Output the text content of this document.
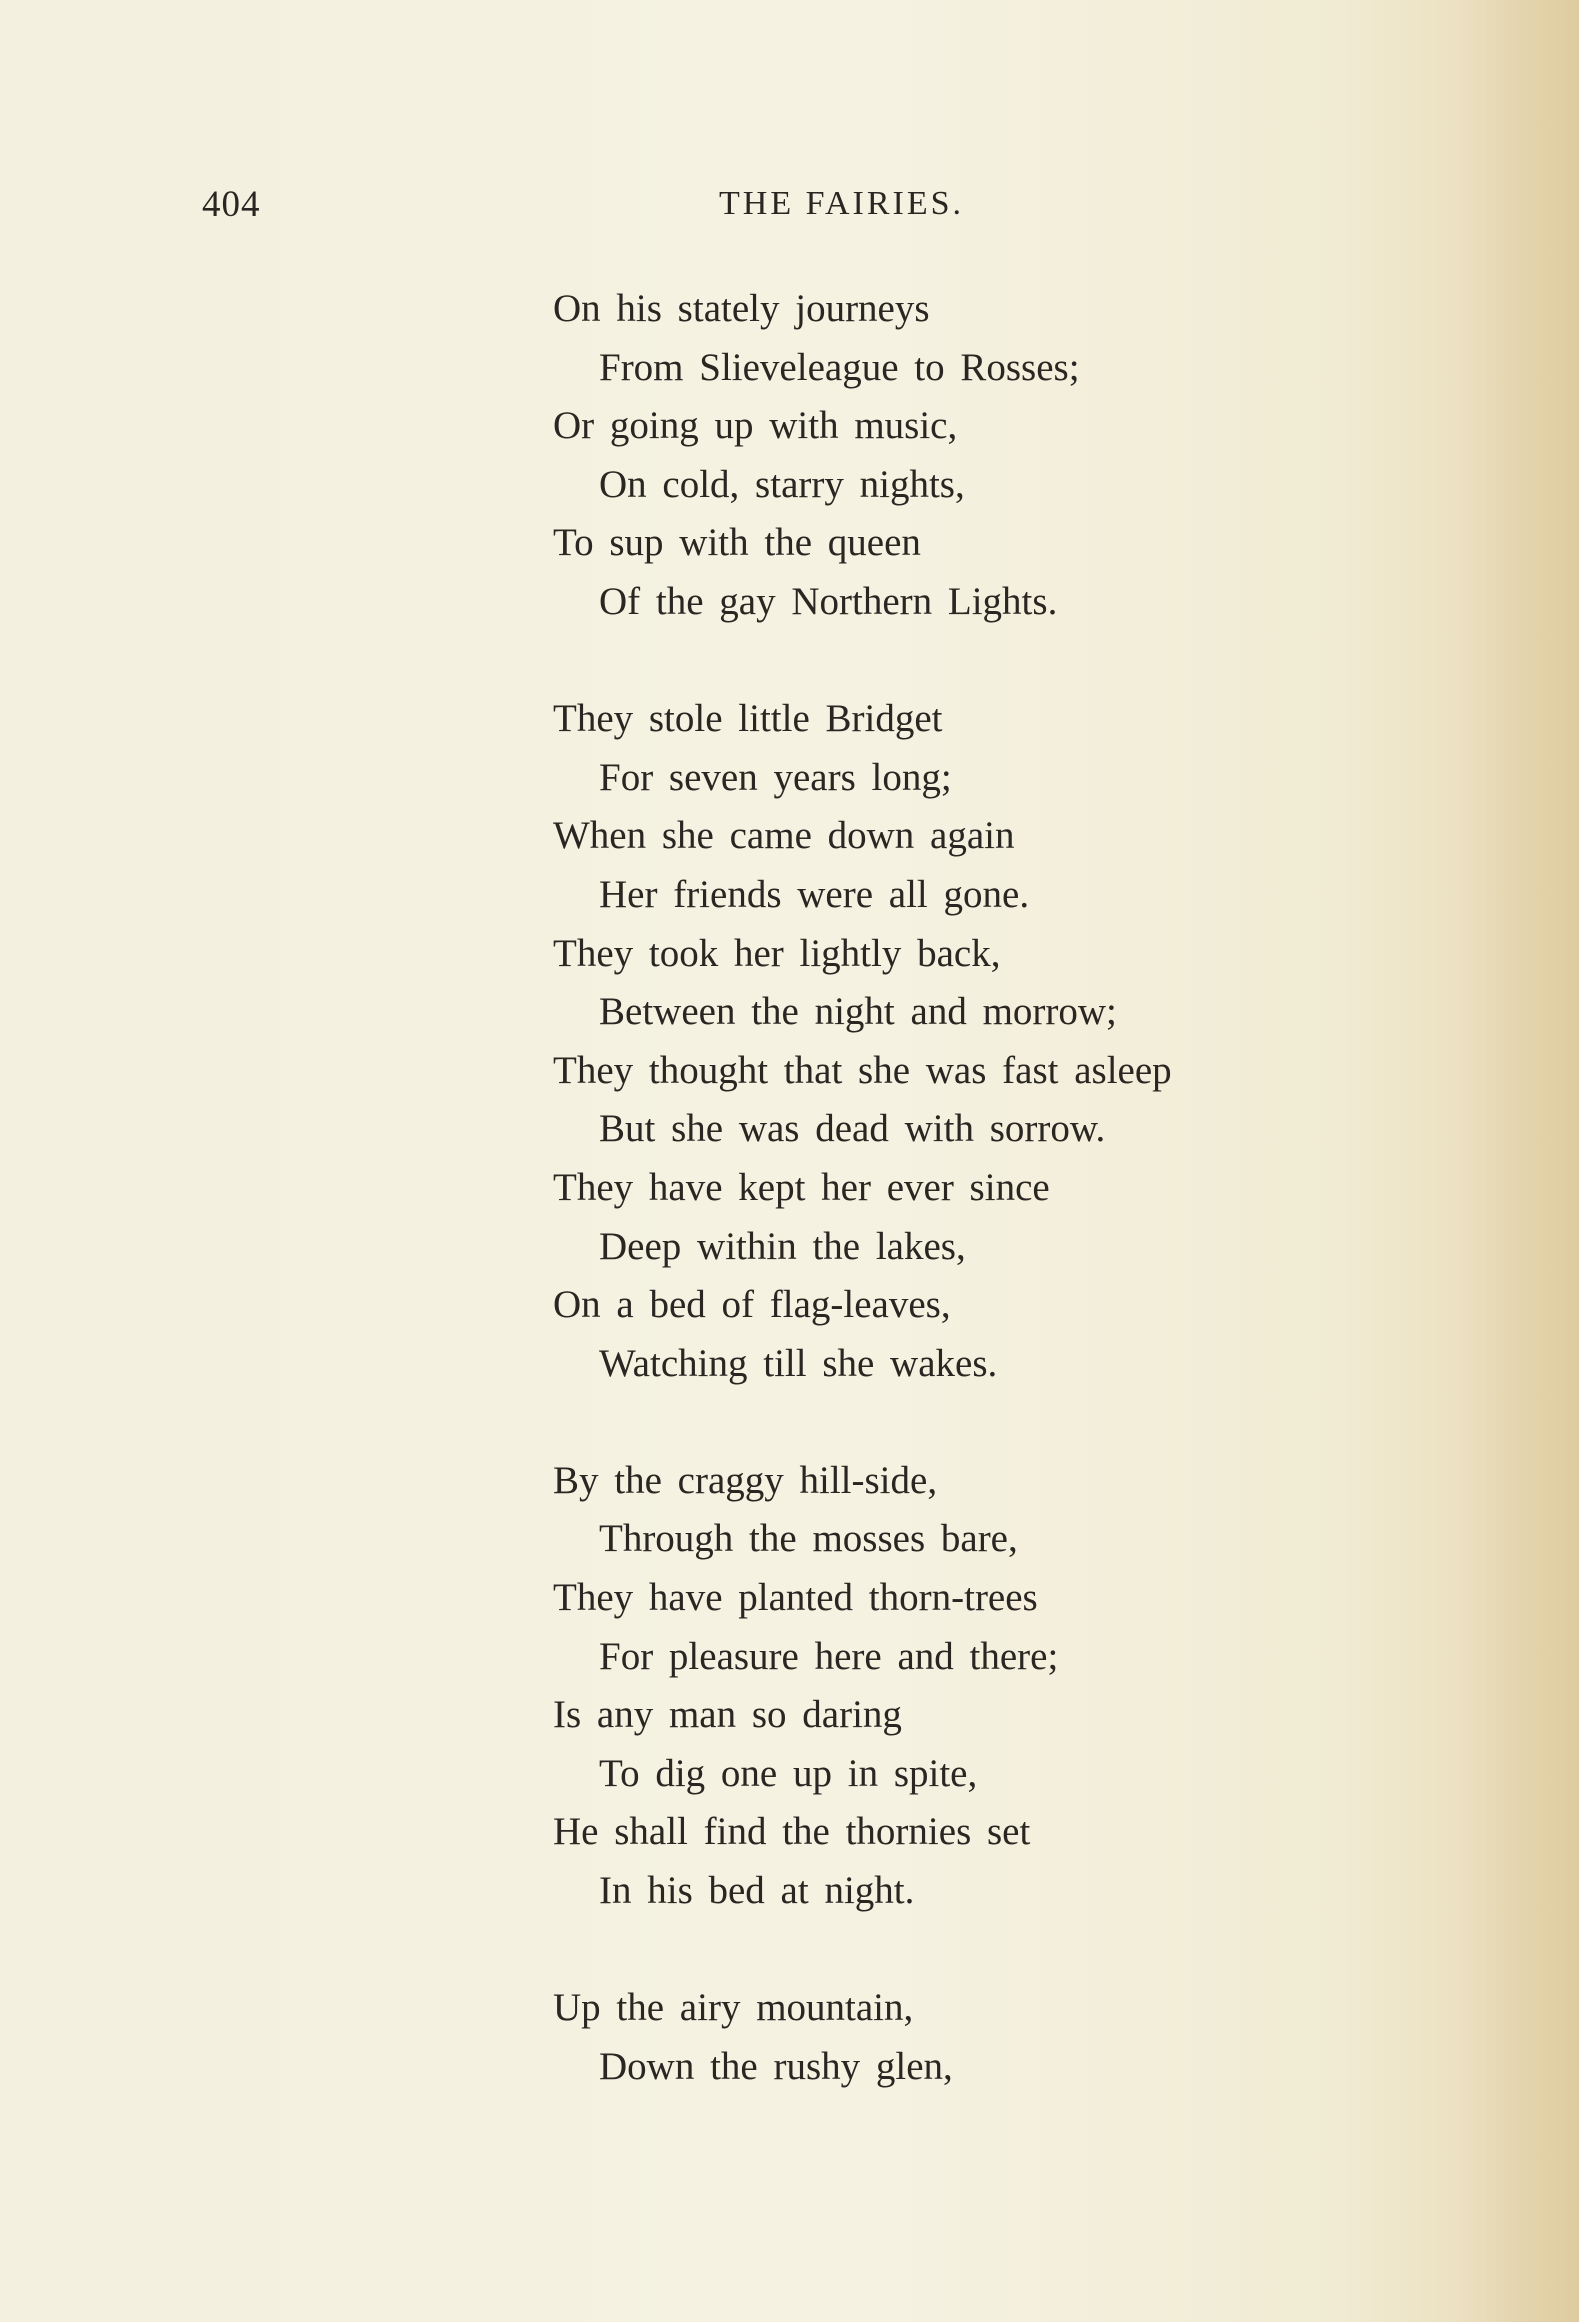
404	THE FAIRIES.
On his stately journeys
From Slieveleague to Rosses;
Or going up with music,
On cold, starry nights,
To sup with the queen
Of the gay Northern Lights.
They stole little Bridget
For seven years long;
When she came down again
Her friends were all gone.
They took her lightly back,
Between the night and morrow;
They thought that she was fast asleep
But she was dead with sorrow.
They have kept her ever since
Deep within the lakes,
On a bed of flag-leaves,
Watching till she wakes.
By the craggy hill-side,
Through the mosses bare,
They have planted thorn-trees
For pleasure here and there;
Is any man so daring
To dig one up in spite,
He shall find the thornies set
In his bed at night.
Up the airy mountain,
Down the rushy glen,
